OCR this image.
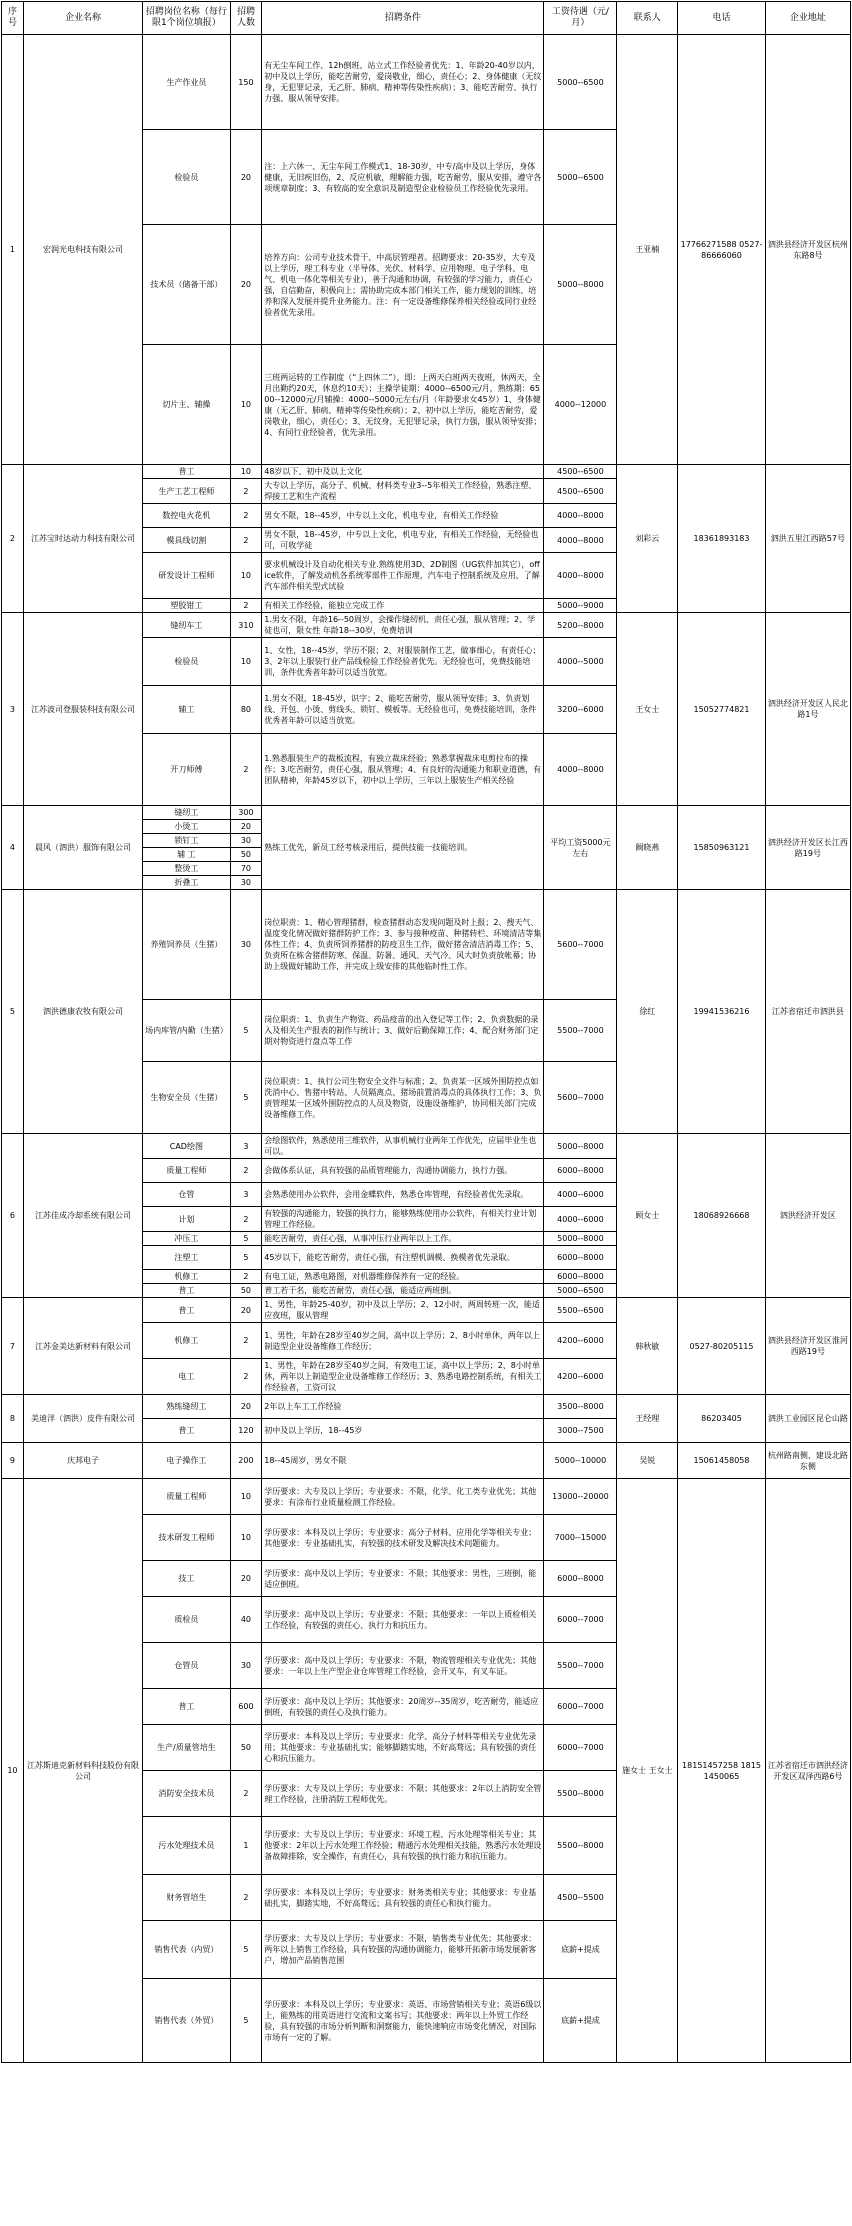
序号	企业名称	招聘岗位名称（每行限1个岗位填报）	招聘人数	招聘条件	工资待遇（元/月）	联系人	电话	企业地址
1	宏润光电科技有限公司	生产作业员	150	有无尘车间工作、12h倒班、站立式工作经验者优先：1、年龄20-40岁以内，初中及以上学历，能吃苦耐劳，爱岗敬业，细心，责任心；2、身体健康（无纹身，无犯罪记录，无乙肝、肺病、精神等传染性疾病）；3、能吃苦耐劳、执行力强、服从领导安排。	5000--6500	王亚楠	17766271588 0527-86666060	泗洪县经济开发区杭州东路8号
		检验员	20	注：上六休一、无尘车间工作模式1、18-30岁，中专/高中及以上学历，身体健康，无旧疾旧伤，2、反应机敏，理解能力强，吃苦耐劳，服从安排，遵守各项规章制度；3、有较高的安全意识及制造型企业检验员工作经验优先录用。	5000--6500			
		技术员（储备干部）	20	培养方向：公司专业技术骨干、中高层管理者。招聘要求：20-35岁，大专及以上学历，理工科专业（半导体、光伏、材料学、应用物理、电子学科、电气、机电一体化等相关专业），善于沟通和协调，有较强的学习能力，责任心强，自信勤奋，积极向上；需协助完成本部门相关工作，能力规划的训练、培养和深入发展并提升业务能力。注：有一定设备维修保养相关经验或同行业经验者优先录用。	5000--8000			
		切片主、辅操	10	三班两运转的工作制度（“上四休二”），即：上两天白班两天夜班，休两天，全月出勤约20天，休息约10天）；主操学徒期：4000--6500元/月，熟练期：6500--12000元/月辅操：4000--5000元左右/月（年龄要求女45岁）1、身体健康（无乙肝、肺病、精神等传染性疾病）；2、初中以上学历，能吃苦耐劳，爱岗敬业，细心，责任心；3、无纹身，无犯罪记录，执行力强，服从领导安排；4、有同行业经验者，优先录用。	4000--12000			
2	江苏宝时达动力科技有限公司	普工	10	48岁以下、初中及以上文化	4500--6500	刘彩云	18361893183	泗洪五里江西路57号
		生产工艺工程师	2	大专以上学历，高分子、机械、材料类专业3--5年相关工作经验，熟悉注塑、焊接工艺和生产流程	4500--6500			
		数控电火花机	2	男女不限，18--45岁，中专以上文化，机电专业，有相关工作经验	4000--8000			
		模具线切割	2	男女不限，18--45岁，中专以上文化，机电专业，有相关工作经验，无经验也可，可收学徒	4000--8000			
		研发设计工程师	10	要求机械设计及自动化相关专业.熟练使用3D、2D制图（UG软件加其它），office软件，了解发动机各系统零部件工作原理，汽车电子控制系统及应用，了解汽车部件相关型式试验	4000--8000			
		塑胶钳工	2	有相关工作经验，能独立完成工作	5000--9000			
3	江苏波司登服装科技有限公司	缝纫车工	310	1.男女不限，年龄16--50周岁，会操作缝纫机、责任心强，服从管理；2、学徒也可，限女性 年龄18--30岁，免费培训	5200--8000	王女士	15052774821	泗洪经济开发区人民北路1号
		检验员	10	1、女性，18--45岁，学历不限；2、对服装制作工艺，做事细心，有责任心；3、2年以上服装行业产品线检验工作经验者优先。无经验也可，免费技能培训，条件优秀者年龄可以适当放宽。	4000--5000			
		辅工	80	1.男女不限，18-45岁，识字；2、能吃苦耐劳，服从领导安排；3、负责划线、开包、小烫、剪线头、锁钉、模板等。无经验也可，免费技能培训，条件优秀者年龄可以适当放宽。	3200--6000			
		开刀师傅	2	1.熟悉服装生产的裁板流程，有独立裁床经验；熟悉掌握裁床电剪拉布的操作；3.吃苦耐劳，责任心强，服从管理；4、有良好的沟通能力和职业道德，有团队精神，年龄45岁以下，初中以上学历，三年以上服装生产相关经验	4000--8000			
4	晨风（泗洪）服饰有限公司	缝纫工	300	熟练工优先，新员工经考核录用后，提供技能一技能培训。	平均工资5000元左右	阚晓燕	15850963121	泗洪经济开发区长江西路19号
		小烫工	20					
		锁钉工	30					
		辅 工	50					
		整烫工	70					
		折叠工	30					
5	泗洪德康农牧有限公司	养殖饲养员（生猪）	30	岗位职责：1、精心管理猪群，检查猪群动态发现问题及时上报；2、搜天气、温度变化情况做好猪群防护工作；3、参与接种疫苗、种猪转栏、环境清洁等集体性工作；4、负责所饲养猪群的防疫卫生工作，做好猪舍清洁消毒工作；5、负责所在栋舍猪群防寒、保温、防暑、通风、天气冷、风大时负责放帐幕；协助上级做好辅助工作，并完成上级安排的其他临时性工作。	5600--7000	徐红	19941536216	江苏省宿迁市泗洪县
		场内库管/内勤（生猪）	5	岗位职责：1、负责生产物资、药品疫苗的出入登记等工作；2、负责数据的录入及相关生产报表的制作与统计；3、做好后勤保障工作；4、配合财务部门定期对物资进行盘点等工作	5500--7000			
		生物安全员（生猪）	5	岗位职责：1、执行公司生物安全文件与标准；2、负责某一区域外围防控点如洗消中心、售猪中转站、人员隔离点、猪场前置消毒点的具体执行工作；3、负责管理某一区域外围防控点的人员及物资，设施设备维护，协同相关部门完成设备维修工作。	5600--7000			
6	江苏佳成冷却系统有限公司	CAD绘图	3	会绘图软件，熟悉使用三维软件，从事机械行业两年工作优先，应届毕业生也可以。	5000--8000	顾女士	18068926668	泗洪经济开发区
		质量工程师	2	会做体系认证，具有较强的品质管理能力，沟通协调能力，执行力强。	6000--8000			
		仓管	3	会熟悉使用办公软件，会用金蝶软件，熟悉仓库管理，有经验者优先录取。	4000--6000			
		计划	2	有较强的沟通能力，较强的执行力，能够熟练使用办公软件，有相关行业计划管理工作经验。	4000--6000			
		冲压工	5	能吃苦耐劳，责任心强，从事冲压行业两年以上工作。	5000--8000			
		注塑工	5	45岁以下，能吃苦耐劳，责任心强，有注塑机调模、换模者优先录取。	6000--8000			
		机修工	2	有电工证，熟悉电路图，对机器维修保养有一定的经验。	6000--8000			
		普工	50	普工若干名，能吃苦耐劳，责任心强，能适应两班倒。	5000--6500			
7	江苏金美达新材料有限公司	普工	20	1、男性，年龄25-40岁，初中及以上学历；2、12小时，两周转班一次，能适应夜班，服从管理	5500--6500	韩秋敏	0527-80205115	泗洪县经济开发区淮河西路19号
		机修工	2	1、男性，年龄在28岁至40岁之间，高中以上学历；2、8小时单休，两年以上制造型企业设备维修工作经历；	4200--6000			
		电工	2	1、男性，年龄在28岁至40岁之间，有效电工证，高中以上学历；2、8小时单休，两年以上制造型企业设备维修工作经历；3、熟悉电路控制系统，有相关工作经验者，工资可议	4200--6000			
8	美迪洋（泗洪）皮件有限公司	熟练缝纫工	20	2年以上车工工作经验	3500--8000	王经理	86203405	泗洪工业园区昆仑山路
		普工	120	初中及以上学历，18--45岁	3000--7500			
9	庆邦电子	电子操作工	200	18--45周岁，男女不限	5000--10000	吴锐	15061458058	杭州路南侧、建设北路东侧
10	江苏斯迪克新材料科技股份有限公司	质量工程师	10	学历要求：大专及以上学历；专业要求：不限，化学、化工类专业优先；其他要求：有涂布行业质量检测工作经验。	13000--20000	施女士 王女士	18151457258 18151450065	江苏省宿迁市泗洪经济开发区双泽西路6号
		技术研发工程师	10	学历要求：本科及以上学历；专业要求：高分子材料、应用化学等相关专业；其他要求：专业基础扎实，有较强的技术研发及解决技术问题能力。	7000--15000			
		技工	20	学历要求：高中及以上学历；专业要求：不限；其他要求：男性，三班倒，能适应倒班。	6000--8000			
		质检员	40	学历要求：高中及以上学历；专业要求：不限；其他要求：一年以上质检相关工作经验，有较强的责任心、执行力和抗压力。	6000--7000			
		仓管员	30	学历要求：高中及以上学历；专业要求：不限，物流管理相关专业优先；其他要求：一年以上生产型企业仓库管理工作经验，会开叉车，有叉车证。	5500--7000			
		普工	600	学历要求：高中及以上学历；其他要求：20周岁--35周岁，吃苦耐劳，能适应倒班，有较强的责任心及执行能力。	6000--7000			
		生产/质量管培生	50	学历要求：本科及以上学历；专业要求：化学、高分子材料等相关专业优先录用；其他要求：专业基础扎实；能够脚踏实地，不好高骛远；具有较强的责任心和抗压能力。	6000--7000			
		消防安全技术员	2	学历要求：大专及以上学历；专业要求：不限；其他要求：2年以上消防安全管理工作经验，注册消防工程师优先。	5500--8000			
		污水处理技术员	1	学历要求：大专及以上学历；专业要求：环境工程、污水处理等相关专业；其他要求：2年以上污水处理工作经验；精通污水处理相关技能，熟悉污水处理设备故障排除，安全操作，有责任心，具有较强的执行能力和抗压能力。	5500--8000			
		财务管培生	2	学历要求：本科及以上学历；专业要求：财务类相关专业；其他要求：专业基础扎实，脚踏实地，不好高骛远；具有较强的责任心和执行能力。	4500--5500			
		销售代表（内贸）	5	学历要求：大专及以上学历；专业要求：不限，销售类专业优先；其他要求：两年以上销售工作经验，具有较强的沟通协调能力，能够开拓新市场发展新客户，增加产品销售范围	底薪+提成			
		销售代表（外贸）	5	学历要求：本科及以上学历；专业要求：英语、市场营销相关专业；英语6级以上，能熟练的用英语进行交流和文案书写；其他要求：两年以上外贸工作经验，具有较强的市场分析判断和洞察能力，能快速响应市场变化情况，对国际市场有一定的了解。	底薪+提成			
